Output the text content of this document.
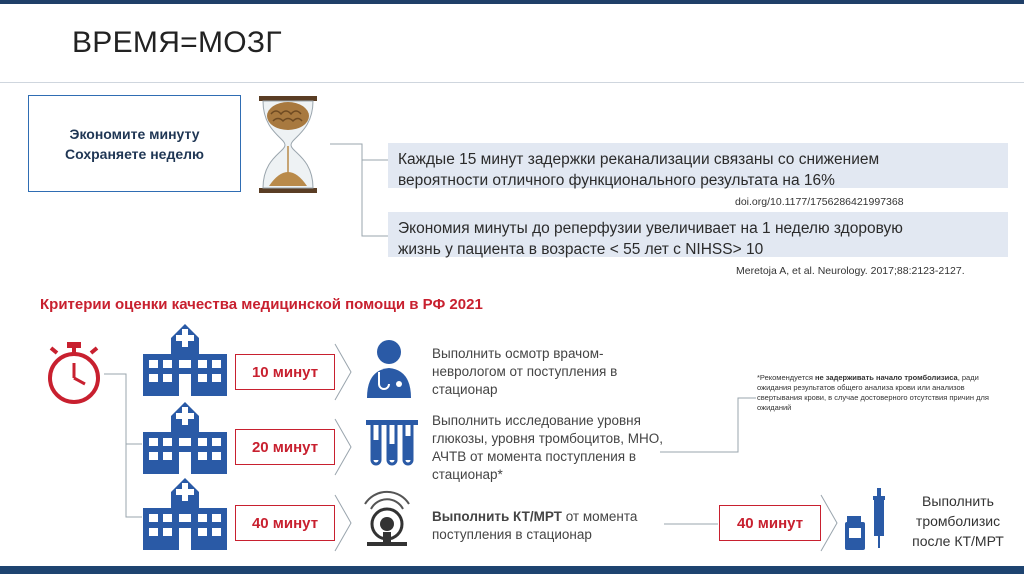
ВРЕМЯ=МОЗГ
Экономите минуту
Сохраняете неделю	Каждые 15 минут задержки реканализации связаны со снижением
вероятности отличного функционального результата на 16%
doi.org/10.1177/1756286421997368
Экономия минуты до реперфузии увеличивает на 1 неделю здоровую
жизнь у пациента в возрасте < 55 лет с NIHSS> 10
Meretoja A, et al. Neurology. 2017;88:2123-2127.
Критерии оценки качества медицинской помощи в РФ 2021
10 минут
20 минут
40 минут
Выполнить осмотр врачом-
неврологом от поступления в
стационар
Выполнить исследование уровня
глюкозы, уровня тромбоцитов, МНО,
АЧТВ от момента поступления в
стационар*
Выполнить КТ/МРТ от момента
поступления в стационар
*Рекомендуется не задерживать начало тромболизиса, ради ожидания результатов общего анализа крови или анализов свертывания крови, в случае достоверного отсутствия причин для ожиданий
40 минут
Выполнить
тромболизис
после КТ/МРТ
